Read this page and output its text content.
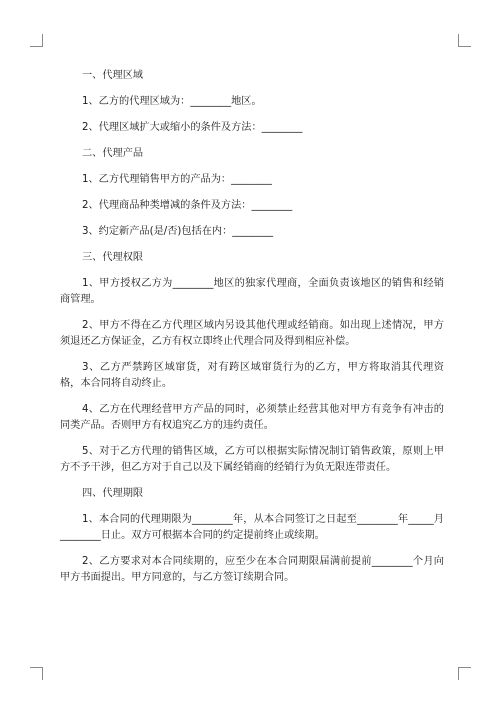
一、代理区域

1、乙方的代理区域为：________地区。

2、代理区域扩大或缩小的条件及方法：________

二、代理产品

1、乙方代理销售甲方的产品为：________

2、代理商品种类增减的条件及方法：________

3、约定新产品(是/否)包括在内：________

三、代理权限

1、甲方授权乙方为________地区的独家代理商，全面负责该地区的销售和经销商管理。

2、甲方不得在乙方代理区域内另设其他代理或经销商。如出现上述情况，甲方须退还乙方保证金，乙方有权立即终止代理合同及得到相应补偿。

3、乙方严禁跨区域窜货，对有跨区域窜货行为的乙方，甲方将取消其代理资格，本合同将自动终止。

4、乙方在代理经营甲方产品的同时，必须禁止经营其他对甲方有竞争有冲击的同类产品。否则甲方有权追究乙方的违约责任。

5、对于乙方代理的销售区域，乙方可以根据实际情况制订销售政策，原则上甲方不予干涉，但乙方对于自己以及下属经销商的经销行为负无限连带责任。

四、代理期限

1、本合同的代理期限为________年，从本合同签订之日起至________年_____月________日止。双方可根据本合同的约定提前终止或续期。

2、乙方要求对本合同续期的，应至少在本合同期限届满前提前________个月向甲方书面提出。甲方同意的，与乙方签订续期合同。
